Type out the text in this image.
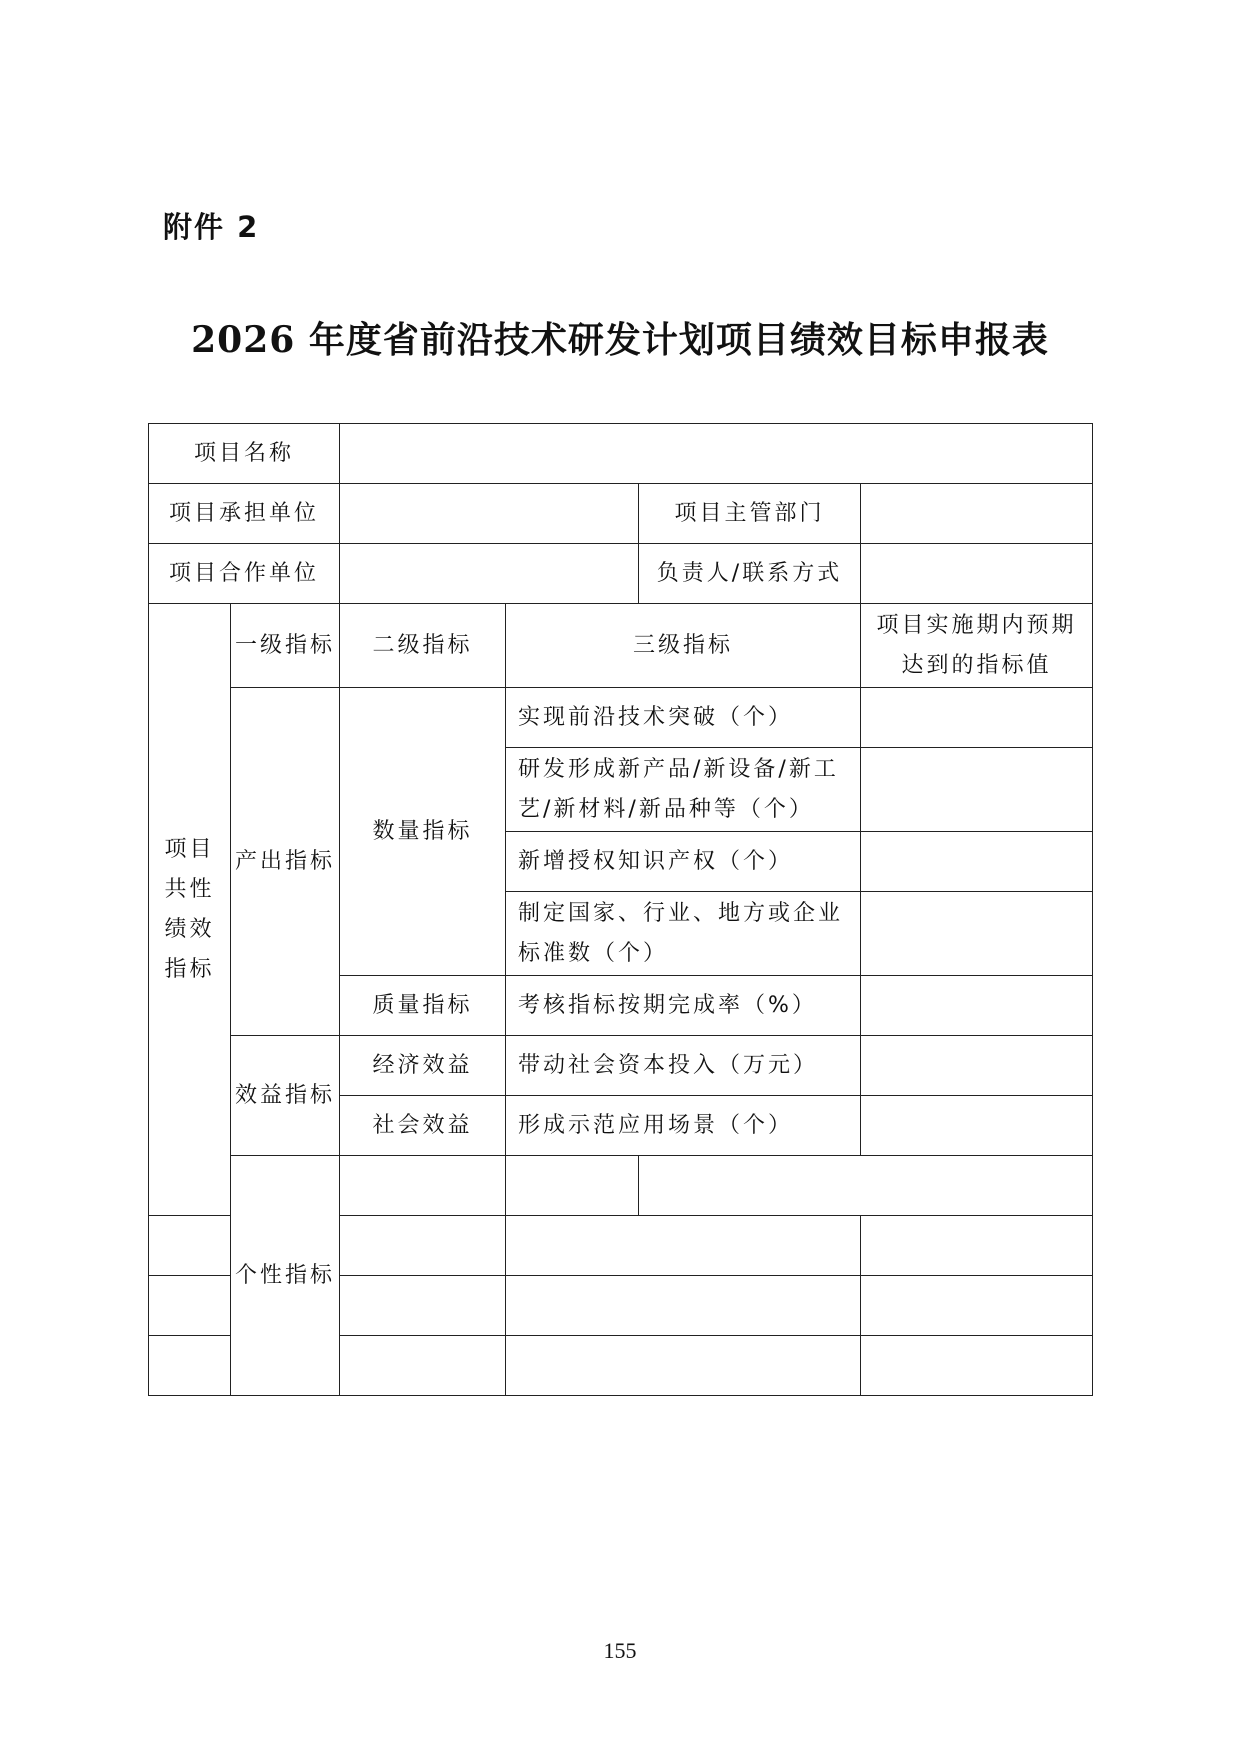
附件 2
2026 年度省前沿技术研发计划项目绩效目标申报表
项目名称						
项目承担单位				项目主管部门		
项目合作单位				负责人/联系方式		
项目共性绩效指标	一级指标	二级指标	三级指标		项目实施期内预期达到的指标值	
	产出指标	数量指标	实现前沿技术突破（个）			
			研发形成新产品/新设备/新工艺/新材料/新品种等（个）			
			新增授权知识产权（个）			
			制定国家、行业、地方或企业标准数（个）			
		质量指标	考核指标按期完成率（%）			
	效益指标	经济效益	带动社会资本投入（万元）			
		社会效益	形成示范应用场景（个）			
	个性指标					

155
